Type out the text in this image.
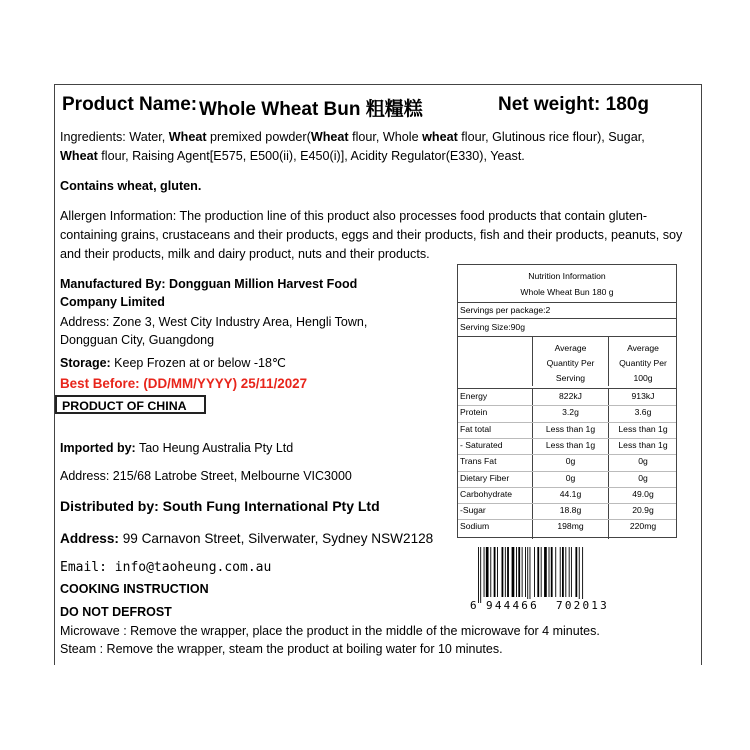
Product Name: Whole Wheat Bun 粗糧糕	Net weight: 180g
Ingredients: Water, Wheat premixed powder(Wheat flour, Whole wheat flour, Glutinous rice flour), Sugar,
Wheat flour, Raising Agent[E575, E500(ii), E450(i)], Acidity Regulator(E330), Yeast.
Contains wheat, gluten.
Allergen Information: The production line of this product also processes food products that contain gluten-
containing grains, crustaceans and their products, eggs and their products, fish and their products, peanuts, soy
and their products, milk and dairy product, nuts and their products.
Manufactured By: Dongguan Million Harvest Food
Company Limited
Address: Zone 3, West City Industry Area, Hengli Town,
Dongguan City, Guangdong
Storage: Keep Frozen at or below -18℃
Best Before: (DD/MM/YYYY) 25/11/2027
PRODUCT OF CHINA
Imported by: Tao Heung Australia Pty Ltd
Address: 215/68 Latrobe Street, Melbourne VIC3000
Distributed by: South Fung International Pty Ltd
Address: 99 Carnavon Street, Silverwater, Sydney NSW2128
Email: info@taoheung.com.au
COOKING INSTRUCTION
DO NOT DEFROST
Microwave : Remove the wrapper, place the product in the middle of the microwave for 4 minutes.
Steam : Remove the wrapper, steam the product at boiling water for 10 minutes.
Nutrition Information
Whole Wheat Bun 180 g
Servings per package:2
Serving Size:90g
Average
Quantity Per
Serving
Average
Quantity Per
100g
Energy	822kJ	913kJ
Protein	3.2g	3.6g
Fat total	Less than 1g	Less than 1g
- Saturated	Less than 1g	Less than 1g
Trans Fat	0g	0g
Dietary Fiber	0g	0g
Carbohydrate	44.1g	49.0g
-Sugar	18.8g	20.9g
Sodium	198mg	220mg
6 944466 702013
